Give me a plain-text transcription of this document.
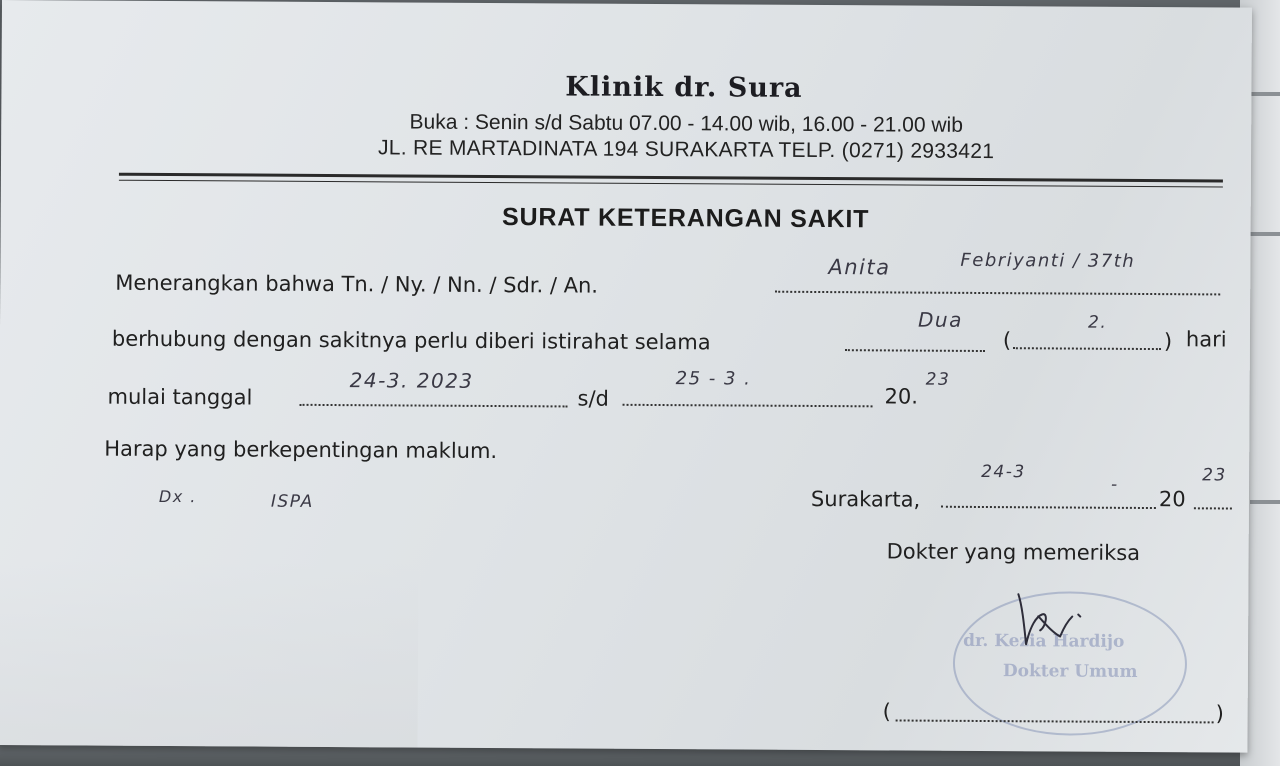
Klinik dr. Sura
Buka : Senin s/d Sabtu 07.00 - 14.00 wib, 16.00 - 21.00 wib
JL. RE MARTADINATA 194 SURAKARTA TELP. (0271) 2933421
SURAT KETERANGAN SAKIT
Menerangkan bahwa Tn. / Ny. / Nn. / Sdr. / An.
Anita	Febriyanti / 37th
berhubung dengan sakitnya perlu diberi istirahat selama
Dua
(
2.
) hari
mulai tanggal
24-3. 2023
s/d
25 - 3 .
20.
23
Harap yang berkepentingan maklum.
Dx .	ISPA	Surakarta,
24-3
-
20
23
Dokter yang memeriksa
dr. Kezia Hardijo
Dokter Umum
(	)
